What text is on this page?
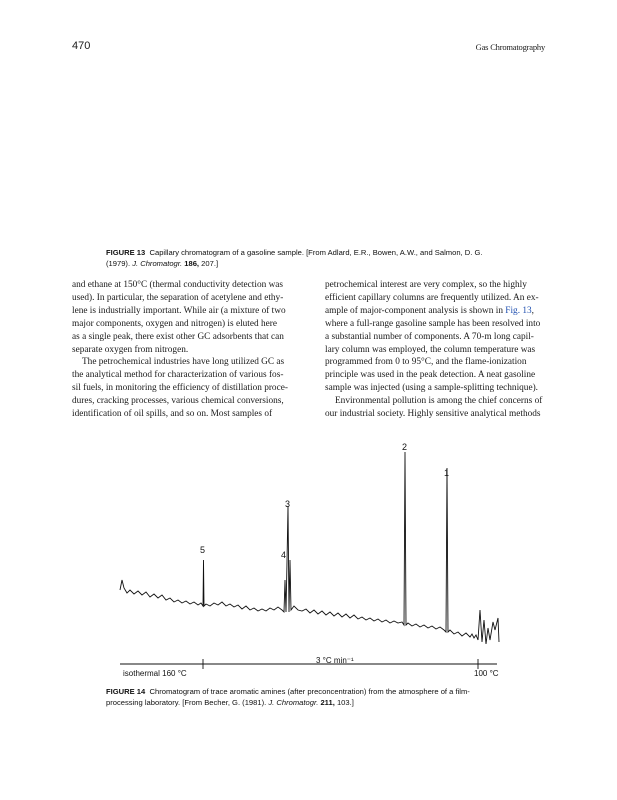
470	Gas Chromatography
FIGURE 13 Capillary chromatogram of a gasoline sample. [From Adlard, E.R., Bowen, A.W., and Salmon, D. G.
(1979). J. Chromatogr. 186, 207.]

and ethane at 150°C (thermal conductivity detection was

used). In particular, the separation of acetylene and ethy-

lene is industrially important. While air (a mixture of two

major components, oxygen and nitrogen) is eluted here

as a single peak, there exist other GC adsorbents that can

separate oxygen from nitrogen.

The petrochemical industries have long utilized GC as

the analytical method for characterization of various fos-

sil fuels, in monitoring the efficiency of distillation proce-

dures, cracking processes, various chemical conversions,

identification of oil spills, and so on. Most samples of

petrochemical interest are very complex, so the highly

efficient capillary columns are frequently utilized. An ex-

ample of major-component analysis is shown in Fig. 13,

where a full-range gasoline sample has been resolved into

a substantial number of components. A 70-m long capil-

lary column was employed, the column temperature was

programmed from 0 to 95°C, and the flame-ionization

principle was used in the peak detection. A neat gasoline

sample was injected (using a sample-splitting technique).

Environmental pollution is among the chief concerns of

our industrial society. Highly sensitive analytical methods

2
1
3
5	4
isothermal 160 °C
3 °C min⁻¹
100 °C
FIGURE 14 Chromatogram of trace aromatic amines (after preconcentration) from the atmosphere of a film-
processing laboratory. [From Becher, G. (1981). J. Chromatogr. 211, 103.]
